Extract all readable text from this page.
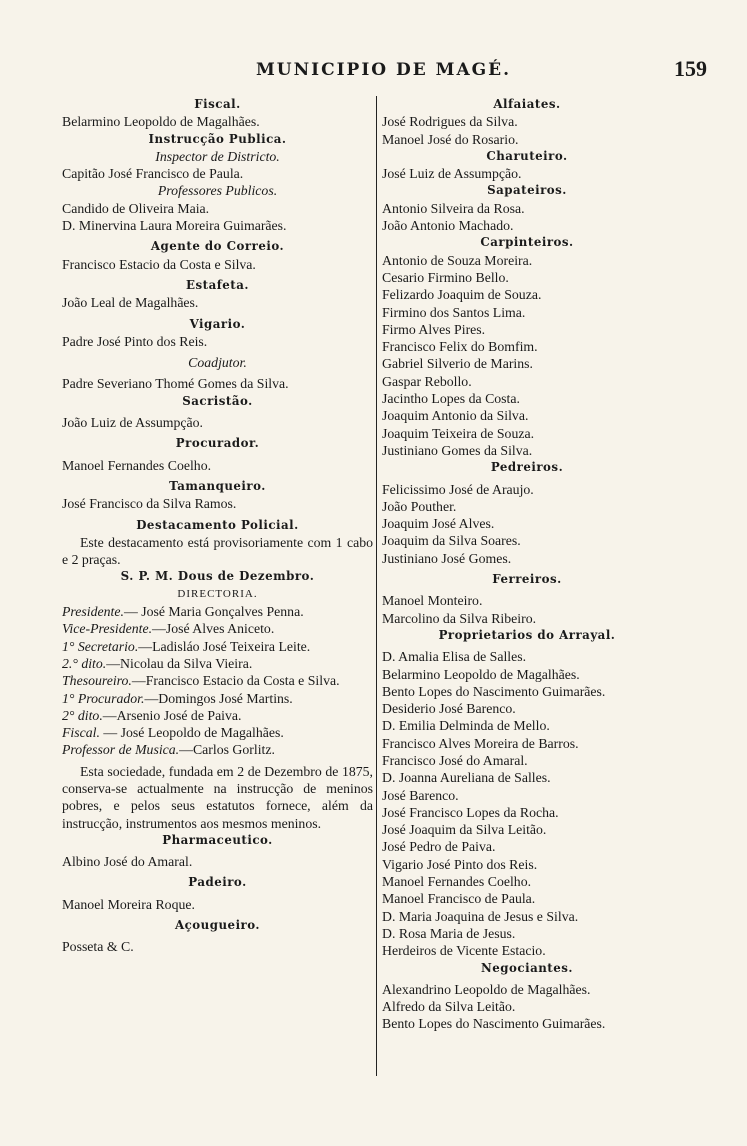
MUNICIPIO DE MAGÉ.	159
Fiscal.
Belarmino Leopoldo de Magalhães.
Instrucção Publica.
Inspector de Districto.
Capitão José Francisco de Paula.
Professores Publicos.
Candido de Oliveira Maia.
D. Minervina Laura Moreira Guimarães.
Agente do Correio.
Francisco Estacio da Costa e Silva.
Estafeta.
João Leal de Magalhães.
Vigario.
Padre José Pinto dos Reis.
Coadjutor.
Padre Severiano Thomé Gomes da Silva.
Sacristão.
João Luiz de Assumpção.
Procurador.
Manoel Fernandes Coelho.
Tamanqueiro.
José Francisco da Silva Ramos.
Destacamento Policial.
Este destacamento está provisoriamente com 1 cabo e 2 praças.
S. P. M. Dous de Dezembro.
DIRECTORIA.
Presidente.— José Maria Gonçalves Penna.
Vice-Presidente.—José Alves Aniceto.
1° Secretario.—Ladisláo José Teixeira Leite.
2.° dito.—Nicolau da Silva Vieira.
Thesoureiro.—Francisco Estacio da Costa e Silva.
1° Procurador.—Domingos José Martins.
2° dito.—Arsenio José de Paiva.
Fiscal. — José Leopoldo de Magalhães.
Professor de Musica.—Carlos Gorlitz.
Esta sociedade, fundada em 2 de Dezembro de 1875, conserva-se actualmente na instrucção de meninos pobres, e pelos seus estatutos fornece, além da instrucção, instrumentos aos mesmos meninos.
Pharmaceutico.
Albino José do Amaral.
Padeiro.
Manoel Moreira Roque.
Açougueiro.
Posseta & C.
Alfaiates.
José Rodrigues da Silva.
Manoel José do Rosario.
Charuteiro.
José Luiz de Assumpção.
Sapateiros.
Antonio Silveira da Rosa.
João Antonio Machado.
Carpinteiros.
Antonio de Souza Moreira.
Cesario Firmino Bello.
Felizardo Joaquim de Souza.
Firmino dos Santos Lima.
Firmo Alves Pires.
Francisco Felix do Bomfim.
Gabriel Silverio de Marins.
Gaspar Rebollo.
Jacintho Lopes da Costa.
Joaquim Antonio da Silva.
Joaquim Teixeira de Souza.
Justiniano Gomes da Silva.
Pedreiros.
Felicissimo José de Araujo.
João Pouther.
Joaquim José Alves.
Joaquim da Silva Soares.
Justiniano José Gomes.
Ferreiros.
Manoel Monteiro.
Marcolino da Silva Ribeiro.
Proprietarios do Arrayal.
D. Amalia Elisa de Salles.
Belarmino Leopoldo de Magalhães.
Bento Lopes do Nascimento Guimarães.
Desiderio José Barenco.
D. Emilia Delminda de Mello.
Francisco Alves Moreira de Barros.
Francisco José do Amaral.
D. Joanna Aureliana de Salles.
José Barenco.
José Francisco Lopes da Rocha.
José Joaquim da Silva Leitão.
José Pedro de Paiva.
Vigario José Pinto dos Reis.
Manoel Fernandes Coelho.
Manoel Francisco de Paula.
D. Maria Joaquina de Jesus e Silva.
D. Rosa Maria de Jesus.
Herdeiros de Vicente Estacio.
Negociantes.
Alexandrino Leopoldo de Magalhães.
Alfredo da Silva Leitão.
Bento Lopes do Nascimento Guimarães.
